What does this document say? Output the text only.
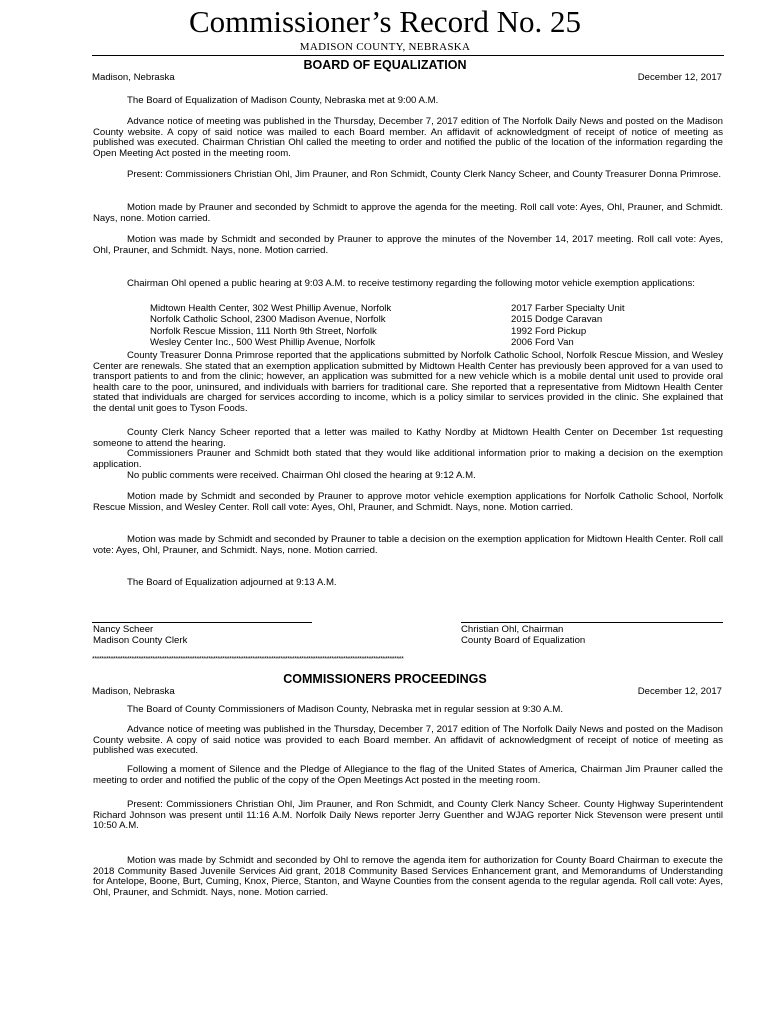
Commissioner’s Record No. 25
MADISON COUNTY, NEBRASKA
BOARD OF EQUALIZATION
Madison, Nebraska	December 12, 2017
The Board of Equalization of Madison County, Nebraska met at 9:00 A.M.
Advance notice of meeting was published in the Thursday, December 7, 2017 edition of The Norfolk Daily News and posted on the Madison County website. A copy of said notice was mailed to each Board member. An affidavit of acknowledgment of receipt of notice of meeting as published was executed. Chairman Christian Ohl called the meeting to order and notified the public of the location of the information regarding the Open Meeting Act posted in the meeting room.
Present: Commissioners Christian Ohl, Jim Prauner, and Ron Schmidt, County Clerk Nancy Scheer, and County Treasurer Donna Primrose.
Motion made by Prauner and seconded by Schmidt to approve the agenda for the meeting. Roll call vote: Ayes, Ohl, Prauner, and Schmidt. Nays, none. Motion carried.
Motion was made by Schmidt and seconded by Prauner to approve the minutes of the November 14, 2017 meeting. Roll call vote: Ayes, Ohl, Prauner, and Schmidt. Nays, none. Motion carried.
Chairman Ohl opened a public hearing at 9:03 A.M. to receive testimony regarding the following motor vehicle exemption applications:
Midtown Health Center, 302 West Phillip Avenue, Norfolk	2017 Farber Specialty Unit
Norfolk Catholic School, 2300 Madison Avenue, Norfolk	2015 Dodge Caravan
Norfolk Rescue Mission, 111 North 9th Street, Norfolk	1992 Ford Pickup
Wesley Center Inc., 500 West Phillip Avenue, Norfolk	2006 Ford Van
County Treasurer Donna Primrose reported that the applications submitted by Norfolk Catholic School, Norfolk Rescue Mission, and Wesley Center are renewals. She stated that an exemption application submitted by Midtown Health Center has previously been approved for a van used to transport patients to and from the clinic; however, an application was submitted for a new vehicle which is a mobile dental unit used to provide oral health care to the poor, uninsured, and individuals with barriers for traditional care. She reported that a representative from Midtown Health Center stated that individuals are charged for services according to income, which is a policy similar to services provided in the clinic. She explained that the dental unit goes to Tyson Foods.
County Clerk Nancy Scheer reported that a letter was mailed to Kathy Nordby at Midtown Health Center on December 1st requesting someone to attend the hearing.
Commissioners Prauner and Schmidt both stated that they would like additional information prior to making a decision on the exemption application.
No public comments were received. Chairman Ohl closed the hearing at 9:12 A.M.
Motion made by Schmidt and seconded by Prauner to approve motor vehicle exemption applications for Norfolk Catholic School, Norfolk Rescue Mission, and Wesley Center. Roll call vote: Ayes, Ohl, Prauner, and Schmidt. Nays, none. Motion carried.
Motion was made by Schmidt and seconded by Prauner to table a decision on the exemption application for Midtown Health Center. Roll call vote: Ayes, Ohl, Prauner, and Schmidt. Nays, none. Motion carried.
The Board of Equalization adjourned at 9:13 A.M.
Nancy Scheer
Madison County Clerk
Christian Ohl, Chairman
County Board of Equalization
**************************************************************************************************************************************
COMMISSIONERS PROCEEDINGS
Madison, Nebraska	December 12, 2017
The Board of County Commissioners of Madison County, Nebraska met in regular session at 9:30 A.M.
Advance notice of meeting was published in the Thursday, December 7, 2017 edition of The Norfolk Daily News and posted on the Madison County website. A copy of said notice was provided to each Board member. An affidavit of acknowledgment of receipt of notice of meeting as published was executed.
Following a moment of Silence and the Pledge of Allegiance to the flag of the United States of America, Chairman Jim Prauner called the meeting to order and notified the public of the copy of the Open Meetings Act posted in the meeting room.
Present: Commissioners Christian Ohl, Jim Prauner, and Ron Schmidt, and County Clerk Nancy Scheer. County Highway Superintendent Richard Johnson was present until 11:16 A.M. Norfolk Daily News reporter Jerry Guenther and WJAG reporter Nick Stevenson were present until 10:50 A.M.
Motion was made by Schmidt and seconded by Ohl to remove the agenda item for authorization for County Board Chairman to execute the 2018 Community Based Juvenile Services Aid grant, 2018 Community Based Services Enhancement grant, and Memorandums of Understanding for Antelope, Boone, Burt, Cuming, Knox, Pierce, Stanton, and Wayne Counties from the consent agenda to the regular agenda. Roll call vote: Ayes, Ohl, Prauner, and Schmidt. Nays, none. Motion carried.
